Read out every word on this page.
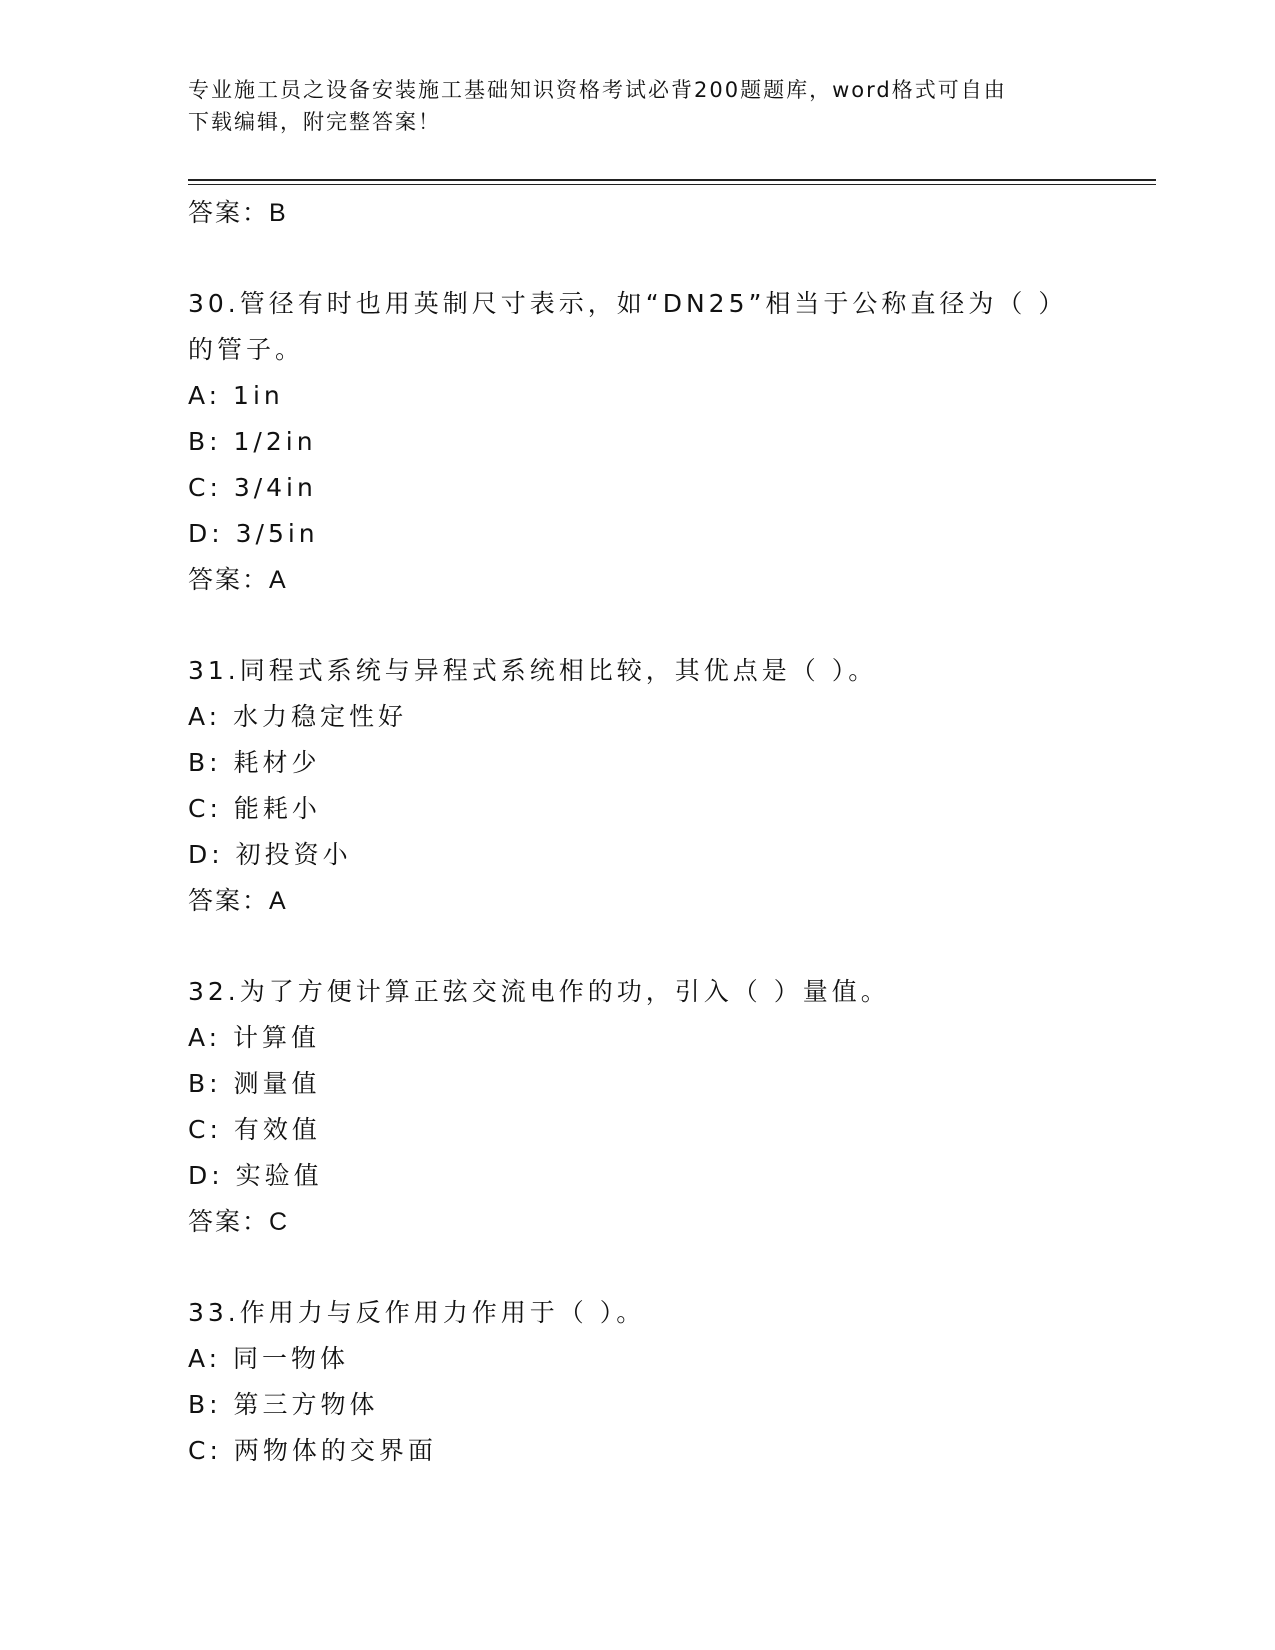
专业施工员之设备安装施工基础知识资格考试必背200题题库，word格式可自由
下载编辑，附完整答案！
答案：B
30.管径有时也用英制尺寸表示，如“DN25”相当于公称直径为（ ）
的管子。
A: 1in
B: 1/2in
C: 3/4in
D: 3/5in
答案：A
31.同程式系统与异程式系统相比较，其优点是（ ）。
A: 水力稳定性好
B: 耗材少
C: 能耗小
D: 初投资小
答案：A
32.为了方便计算正弦交流电作的功，引入（ ）量值。
A: 计算值
B: 测量值
C: 有效值
D: 实验值
答案：C
33.作用力与反作用力作用于（ ）。
A: 同一物体
B: 第三方物体
C: 两物体的交界面
